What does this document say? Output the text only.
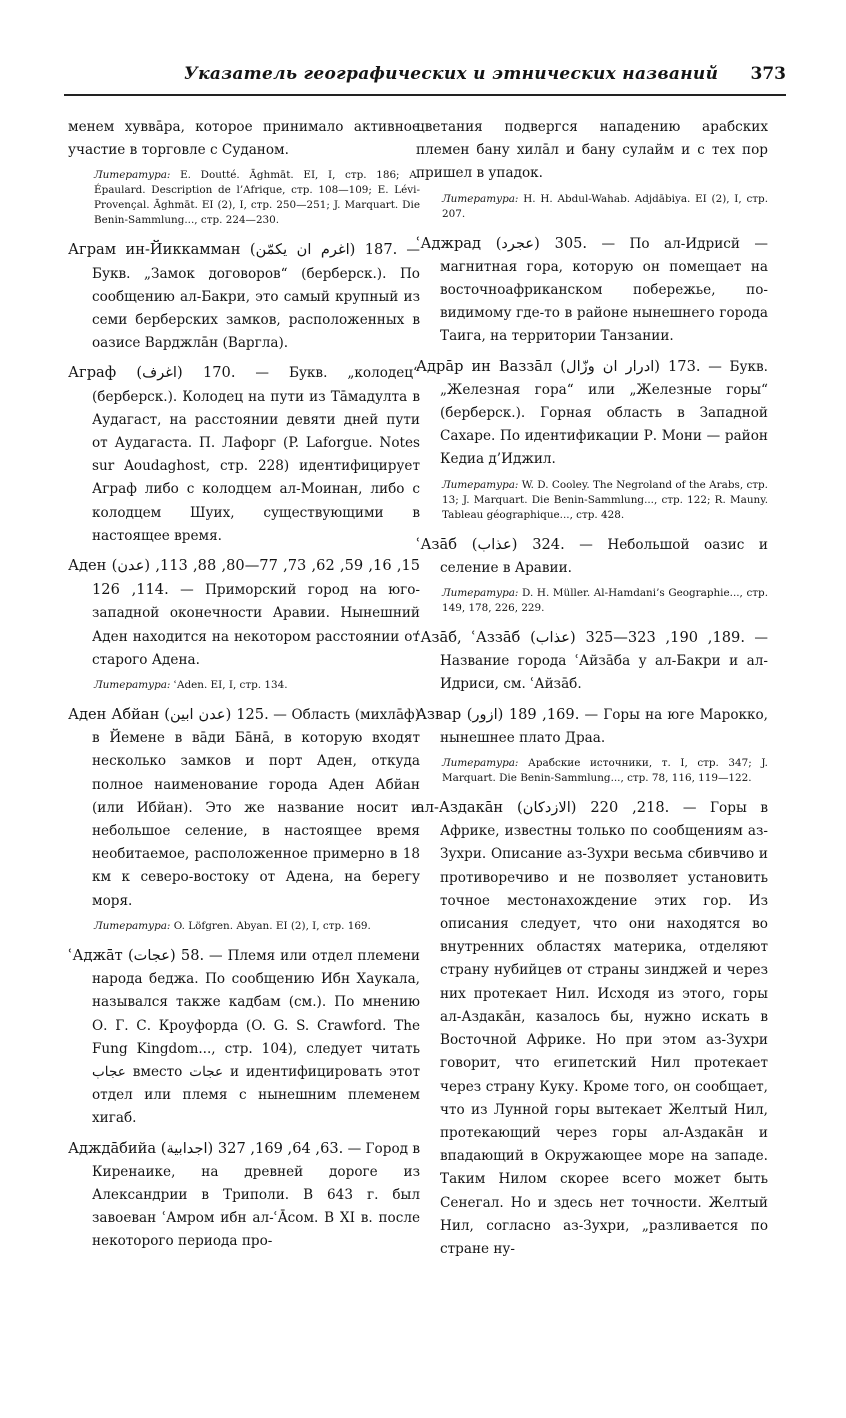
Указатель географических и этнических названий 373
менем хуввāра, которое принимало активное участие в торговле с Суданом.
Литература: E. Doutté. Āghmāt. EI, I, стр. 186; A. Épaulard. Description de l’Afrique, стр. 108—109; E. Lévi-Provençal. Āghmāt. EI (2), I, стр. 250—251; J. Marquart. Die Benin-Sammlung..., стр. 224—230.
Аграм ин-Йиккамман (اغرم ان يكمّن) 187. — Букв. „Замок договоров“ (берберск.). По сообщению ал-Бакри, это самый крупный из семи берберских замков, расположенных в оазисе Варджлāн (Варгла).
Аграф (اغرف) 170. — Букв. „колодец“ (берберск.). Колодец на пути из Тāмадулта в Аудагаст, на расстоянии девяти дней пути от Аудагаста. П. Лафорг (P. Laforgue. Notes sur Aoudaghost, стр. 228) идентифицирует Аграф либо с колодцем ал-Моинан, либо с колодцем Шуих, существующими в настоящее время.
Аден (عدن) 15, 16, 59, 62, 73, 77—80, 88, 113, 114, 126. — Приморский город на юго-западной оконечности Аравии. Нынешний Аден находится на некотором расстоянии от старого Адена.
Литература: ʿAden. EI, I, стр. 134.
Аден Абйан (عدن ابين) 125. — Область (михлāф) в Йемене в вāди Бāнā, в которую входят несколько замков и порт Аден, откуда полное наименование города Аден Абйан (или Ибйан). Это же название носит и небольшое селение, в настоящее время необитаемое, расположенное примерно в 18 км к северо-востоку от Адена, на берегу моря.
Литература: O. Löfgren. Abyan. EI (2), I, стр. 169.
ʿАджāт (عجات) 58. — Племя или отдел племени народа беджа. По сообщению Ибн Хаукала, назывался также кадбам (см.). По мнению О. Г. С. Кроуфорда (O. G. S. Crawford. The Fung Kingdom..., стр. 104), следует читать عجاب вместо عجات и идентифицировать этот отдел или племя с нынешним племенем хигаб.
Адждāбийа (اجدابية) 63, 64, 169, 327. — Город в Киренаике, на древней дороге из Александрии в Триполи. В 643 г. был завоеван ʿАмром ибн ал-ʿĀсом. В XI в. после некоторого периода про-
цветания подвергся нападению арабских племен бану хилāл и бану сулайм и с тех пор пришел в упадок.
Литература: H. H. Abdul-Wahab. Adjdābiya. EI (2), I, стр. 207.
ʿАджрад (عجرد) 305. — По ал-Идрисй — магнитная гора, которую он помещает на восточноафриканском побережье, по-видимому где-то в районе нынешнего города Таига, на территории Танзании.
Адрāр ин Ваззāл (ادرار ان وزّال) 173. — Букв. „Железная гора“ или „Железные горы“ (берберск.). Горная область в Западной Сахаре. По идентификации Р. Мони — район Кедиа д’Иджил.
Литература: W. D. Cooley. The Negroland of the Arabs, стр. 13; J. Marquart. Die Benin-Sammlung..., стр. 122; R. Mauny. Tableau géographique..., стр. 428.
ʿАзāб (عذاب) 324. — Небольшой оазис и селение в Аравии.
Литература: D. H. Müller. Al-Hamdani’s Geographie..., стр. 149, 178, 226, 229.
ʿАзāб, ʿАззāб (عذاب) 189, 190, 323—325. — Название города ʿАйзāба у ал-Бакри и ал-Идриси, см. ʿАйзāб.
Азвар (ازور) 169, 189. — Горы на юге Марокко, нынешнее плато Драа.
Литература: Арабские источники, т. I, стр. 347; J. Marquart. Die Benin-Sammlung..., стр. 78, 116, 119—122.
ал-Аздакāн (الازدكان) 218, 220. — Горы в Африке, известны только по сообщениям аз-Зухри. Описание аз-Зухри весьма сбивчиво и противоречиво и не позволяет установить точное местонахождение этих гор. Из описания следует, что они находятся во внутренних областях материка, отделяют страну нубийцев от страны зинджей и через них протекает Нил. Исходя из этого, горы ал-Аздакāн, казалось бы, нужно искать в Восточной Африке. Но при этом аз-Зухри говорит, что египетский Нил протекает через страну Куку. Кроме того, он сообщает, что из Лунной горы вытекает Желтый Нил, протекающий через горы ал-Аздакāн и впадающий в Окружающее море на западе. Таким Нилом скорее всего может быть Сенегал. Но и здесь нет точности. Желтый Нил, согласно аз-Зухри, „разливается по стране ну-
